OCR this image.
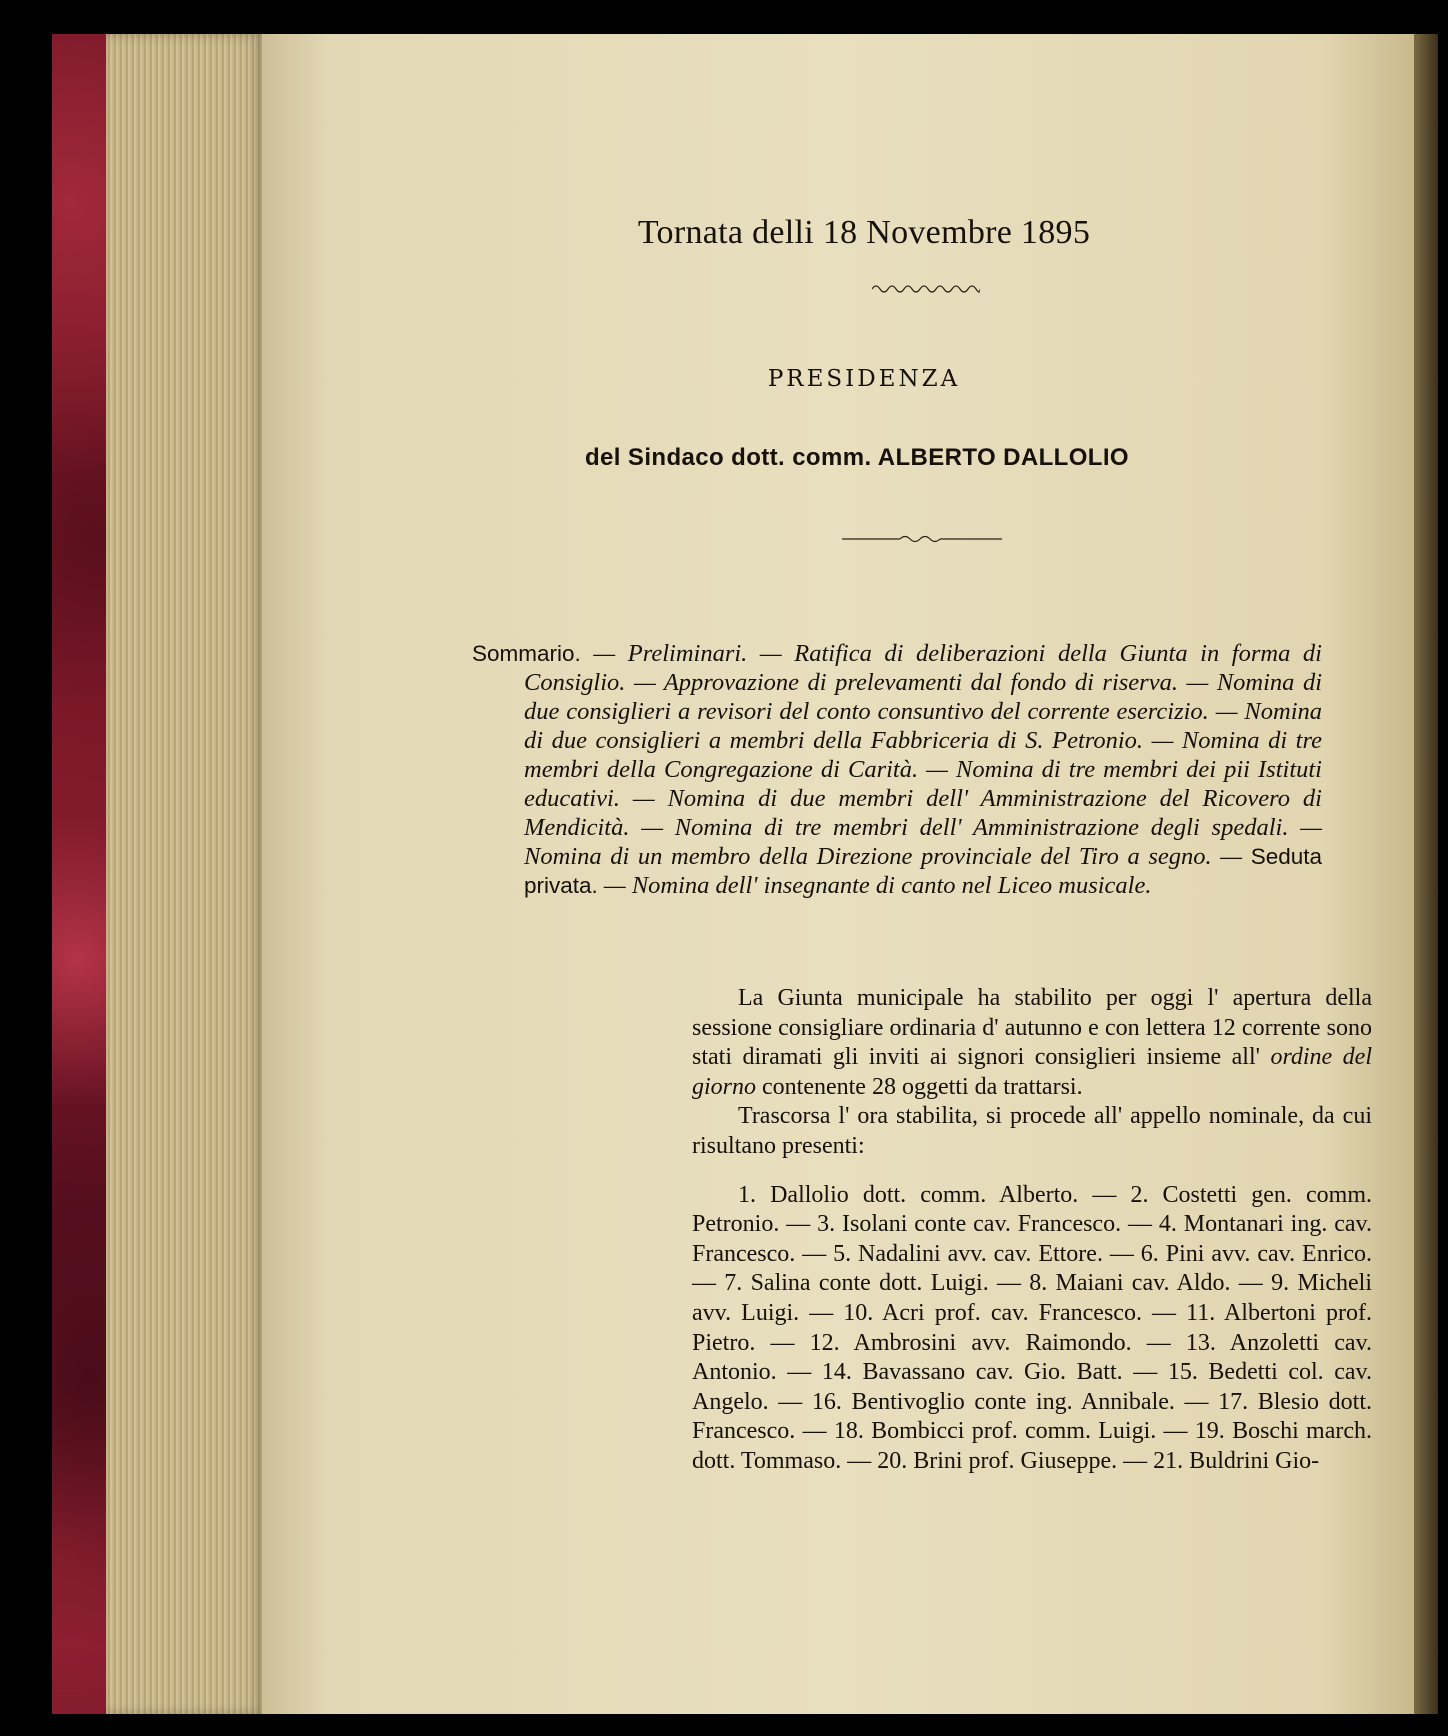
Tornata delli 18 Novembre 1895
PRESIDENZA
del Sindaco dott. comm. ALBERTO DALLOLIO

Sommario. — Preliminari. — Ratifica di deliberazioni della Giunta in forma di Consiglio. — Approvazione di prelevamenti dal fondo di riserva. — Nomina di due consiglieri a revisori del conto consuntivo del corrente esercizio. — Nomina di due consiglieri a membri della Fabbriceria di S. Petronio. — Nomina di tre membri della Congregazione di Carità. — Nomina di tre membri dei pii Istituti educativi. — Nomina di due membri dell' Amministrazione del Ricovero di Mendicità. — Nomina di tre membri dell' Amministrazione degli spedali. — Nomina di un membro della Direzione provinciale del Tiro a segno. — Seduta privata. — Nomina dell' insegnante di canto nel Liceo musicale.

La Giunta municipale ha stabilito per oggi l' apertura della sessione consigliare ordinaria d' autunno e con lettera 12 corrente sono stati diramati gli inviti ai signori consiglieri insieme all' ordine del giorno contenente 28 oggetti da trattarsi.

Trascorsa l' ora stabilita, si procede all' appello nominale, da cui risultano presenti:

1. Dallolio dott. comm. Alberto. — 2. Costetti gen. comm. Petronio. — 3. Isolani conte cav. Francesco. — 4. Montanari ing. cav. Francesco. — 5. Nadalini avv. cav. Ettore. — 6. Pini avv. cav. Enrico. — 7. Salina conte dott. Luigi. — 8. Maiani cav. Aldo. — 9. Micheli avv. Luigi. — 10. Acri prof. cav. Francesco. — 11. Albertoni prof. Pietro. — 12. Ambrosini avv. Raimondo. — 13. Anzoletti cav. Antonio. — 14. Bavassano cav. Gio. Batt. — 15. Bedetti col. cav. Angelo. — 16. Bentivoglio conte ing. Annibale. — 17. Blesio dott. Francesco. — 18. Bombicci prof. comm. Luigi. — 19. Boschi march. dott. Tommaso. — 20. Brini prof. Giuseppe. — 21. Buldrini Gio-
